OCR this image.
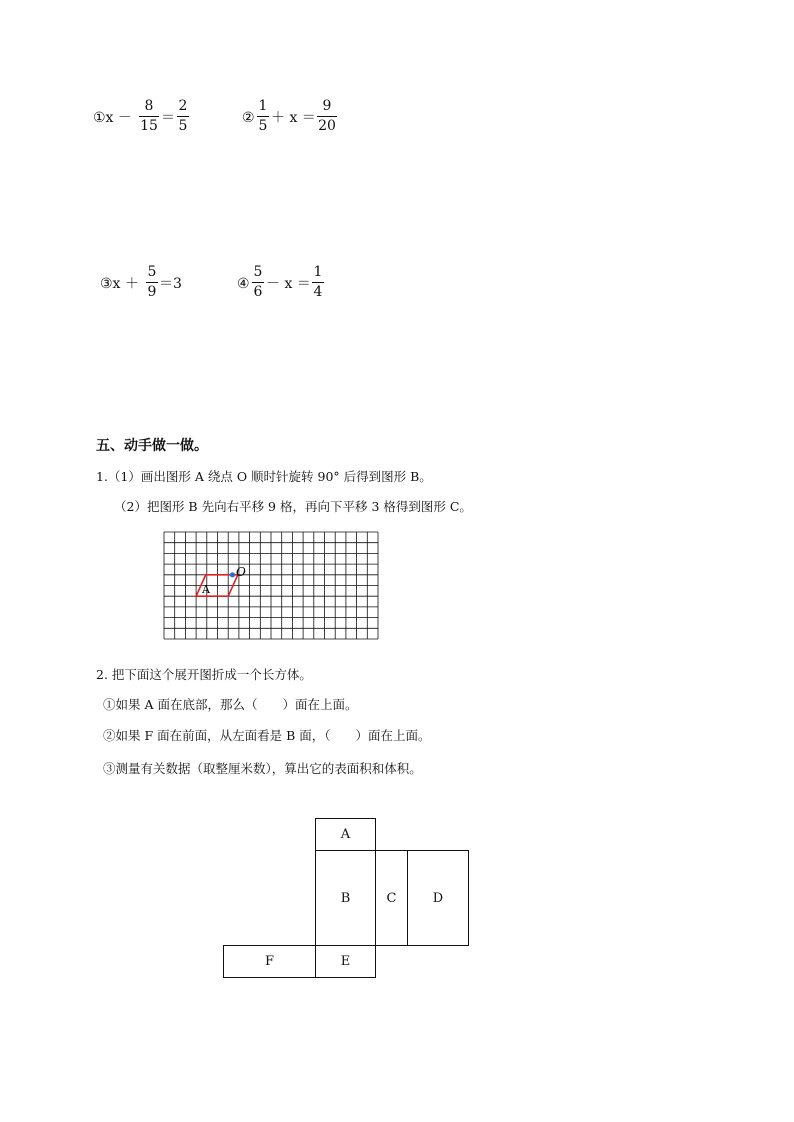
①x －
8
15 ＝
2
5	②
1
5 ＋ x ＝
9
20
③x ＋
5
9 ＝3	④
5
6 － x ＝
1
4
五、动手做一做。
1.（1）画出图形 A 绕点 O 顺时针旋转 90° 后得到图形 B。
（2）把图形 B 先向右平移 9 格，再向下平移 3 格得到图形 C。
A
O
2. 把下面这个展开图折成一个长方体。
①如果 A 面在底部，那么（　　）面在上面。
②如果 F 面在前面，从左面看是 B 面，（　　）面在上面。
③测量有关数据（取整厘米数），算出它的表面积和体积。
A
B	C	D
F	E
